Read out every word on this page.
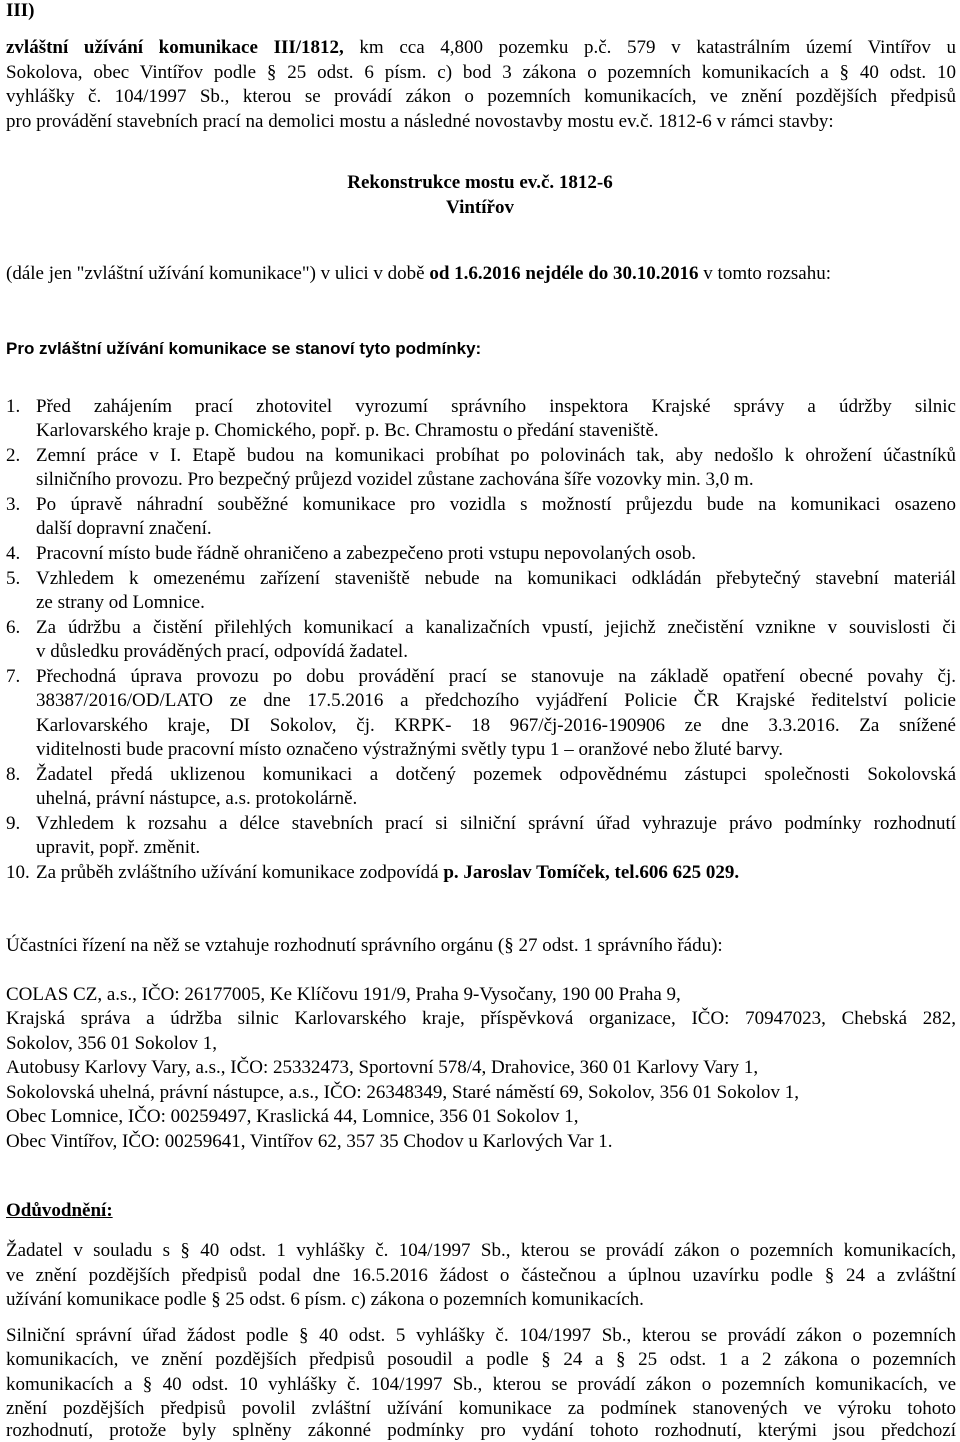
III)
zvláštní užívání komunikace III/1812, km cca 4,800 pozemku p.č. 579 v katastrálním území Vintířov u
Sokolova, obec Vintířov podle § 25 odst. 6 písm. c) bod 3 zákona o pozemních komunikacích a § 40 odst. 10
vyhlášky č. 104/1997 Sb., kterou se provádí zákon o pozemních komunikacích, ve znění pozdějších předpisů
pro provádění stavebních prací na demolici mostu a následné novostavby mostu ev.č. 1812-6 v rámci stavby:
Rekonstrukce mostu ev.č. 1812-6
Vintířov
(dále jen "zvláštní užívání komunikace") v ulici v době od 1.6.2016 nejdéle do 30.10.2016 v tomto rozsahu:
Pro zvláštní užívání komunikace se stanoví tyto podmínky:
1. Před zahájením prací zhotovitel vyrozumí správního inspektora Krajské správy a údržby silnic
Karlovarského kraje p. Chomického, popř. p. Bc. Chramostu o předání staveniště.
2. Zemní práce v I. Etapě budou na komunikaci probíhat po polovinách tak, aby nedošlo k ohrožení účastníků
silničního provozu. Pro bezpečný průjezd vozidel zůstane zachována šíře vozovky min. 3,0 m.
3. Po úpravě náhradní souběžné komunikace pro vozidla s možností průjezdu bude na komunikaci osazeno
další dopravní značení.
4. Pracovní místo bude řádně ohraničeno a zabezpečeno proti vstupu nepovolaných osob.
5. Vzhledem k omezenému zařízení staveniště nebude na komunikaci odkládán přebytečný stavební materiál
ze strany od Lomnice.
6. Za údržbu a čistění přilehlých komunikací a kanalizačních vpustí, jejichž znečistění vznikne v souvislosti či
v důsledku prováděných prací, odpovídá žadatel.
7. Přechodná úprava provozu po dobu provádění prací se stanovuje na základě opatření obecné povahy čj.
38387/2016/OD/LATO ze dne 17.5.2016 a předchozího vyjádření Policie ČR Krajské ředitelství policie
Karlovarského kraje, DI Sokolov, čj. KRPK- 18 967/čj-2016-190906 ze dne 3.3.2016. Za snížené
viditelnosti bude pracovní místo označeno výstražnými světly typu 1 – oranžové nebo žluté barvy.
8. Žadatel předá uklizenou komunikaci a dotčený pozemek odpovědnému zástupci společnosti Sokolovská
uhelná, právní nástupce, a.s. protokolárně.
9. Vzhledem k rozsahu a délce stavebních prací si silniční správní úřad vyhrazuje právo podmínky rozhodnutí
upravit, popř. změnit.
10. Za průběh zvláštního užívání komunikace zodpovídá p. Jaroslav Tomíček, tel.606 625 029.
Účastníci řízení na něž se vztahuje rozhodnutí správního orgánu (§ 27 odst. 1 správního řádu):
COLAS CZ, a.s., IČO: 26177005, Ke Klíčovu 191/9, Praha 9-Vysočany, 190 00 Praha 9,
Krajská správa a údržba silnic Karlovarského kraje, příspěvková organizace, IČO: 70947023, Chebská 282,
Sokolov, 356 01 Sokolov 1,
Autobusy Karlovy Vary, a.s., IČO: 25332473, Sportovní 578/4, Drahovice, 360 01 Karlovy Vary 1,
Sokolovská uhelná, právní nástupce, a.s., IČO: 26348349, Staré náměstí 69, Sokolov, 356 01 Sokolov 1,
Obec Lomnice, IČO: 00259497, Kraslická 44, Lomnice, 356 01 Sokolov 1,
Obec Vintířov, IČO: 00259641, Vintířov 62, 357 35 Chodov u Karlových Var 1.
Odůvodnění:
Žadatel v souladu s § 40 odst. 1 vyhlášky č. 104/1997 Sb., kterou se provádí zákon o pozemních komunikacích,
ve znění pozdějších předpisů podal dne 16.5.2016 žádost o částečnou a úplnou uzavírku podle § 24 a zvláštní
užívání komunikace podle § 25 odst. 6 písm. c) zákona o pozemních komunikacích.
Silniční správní úřad žádost podle § 40 odst. 5 vyhlášky č. 104/1997 Sb., kterou se provádí zákon o pozemních
komunikacích, ve znění pozdějších předpisů posoudil a podle § 24 a § 25 odst. 1 a 2 zákona o pozemních
komunikacích a § 40 odst. 10 vyhlášky č. 104/1997 Sb., kterou se provádí zákon o pozemních komunikacích, ve
znění pozdějších předpisů povolil zvláštní užívání komunikace za podmínek stanovených ve výroku tohoto
rozhodnutí, protože byly splněny zákonné podmínky pro vydání tohoto rozhodnutí, kterými jsou předchozí
